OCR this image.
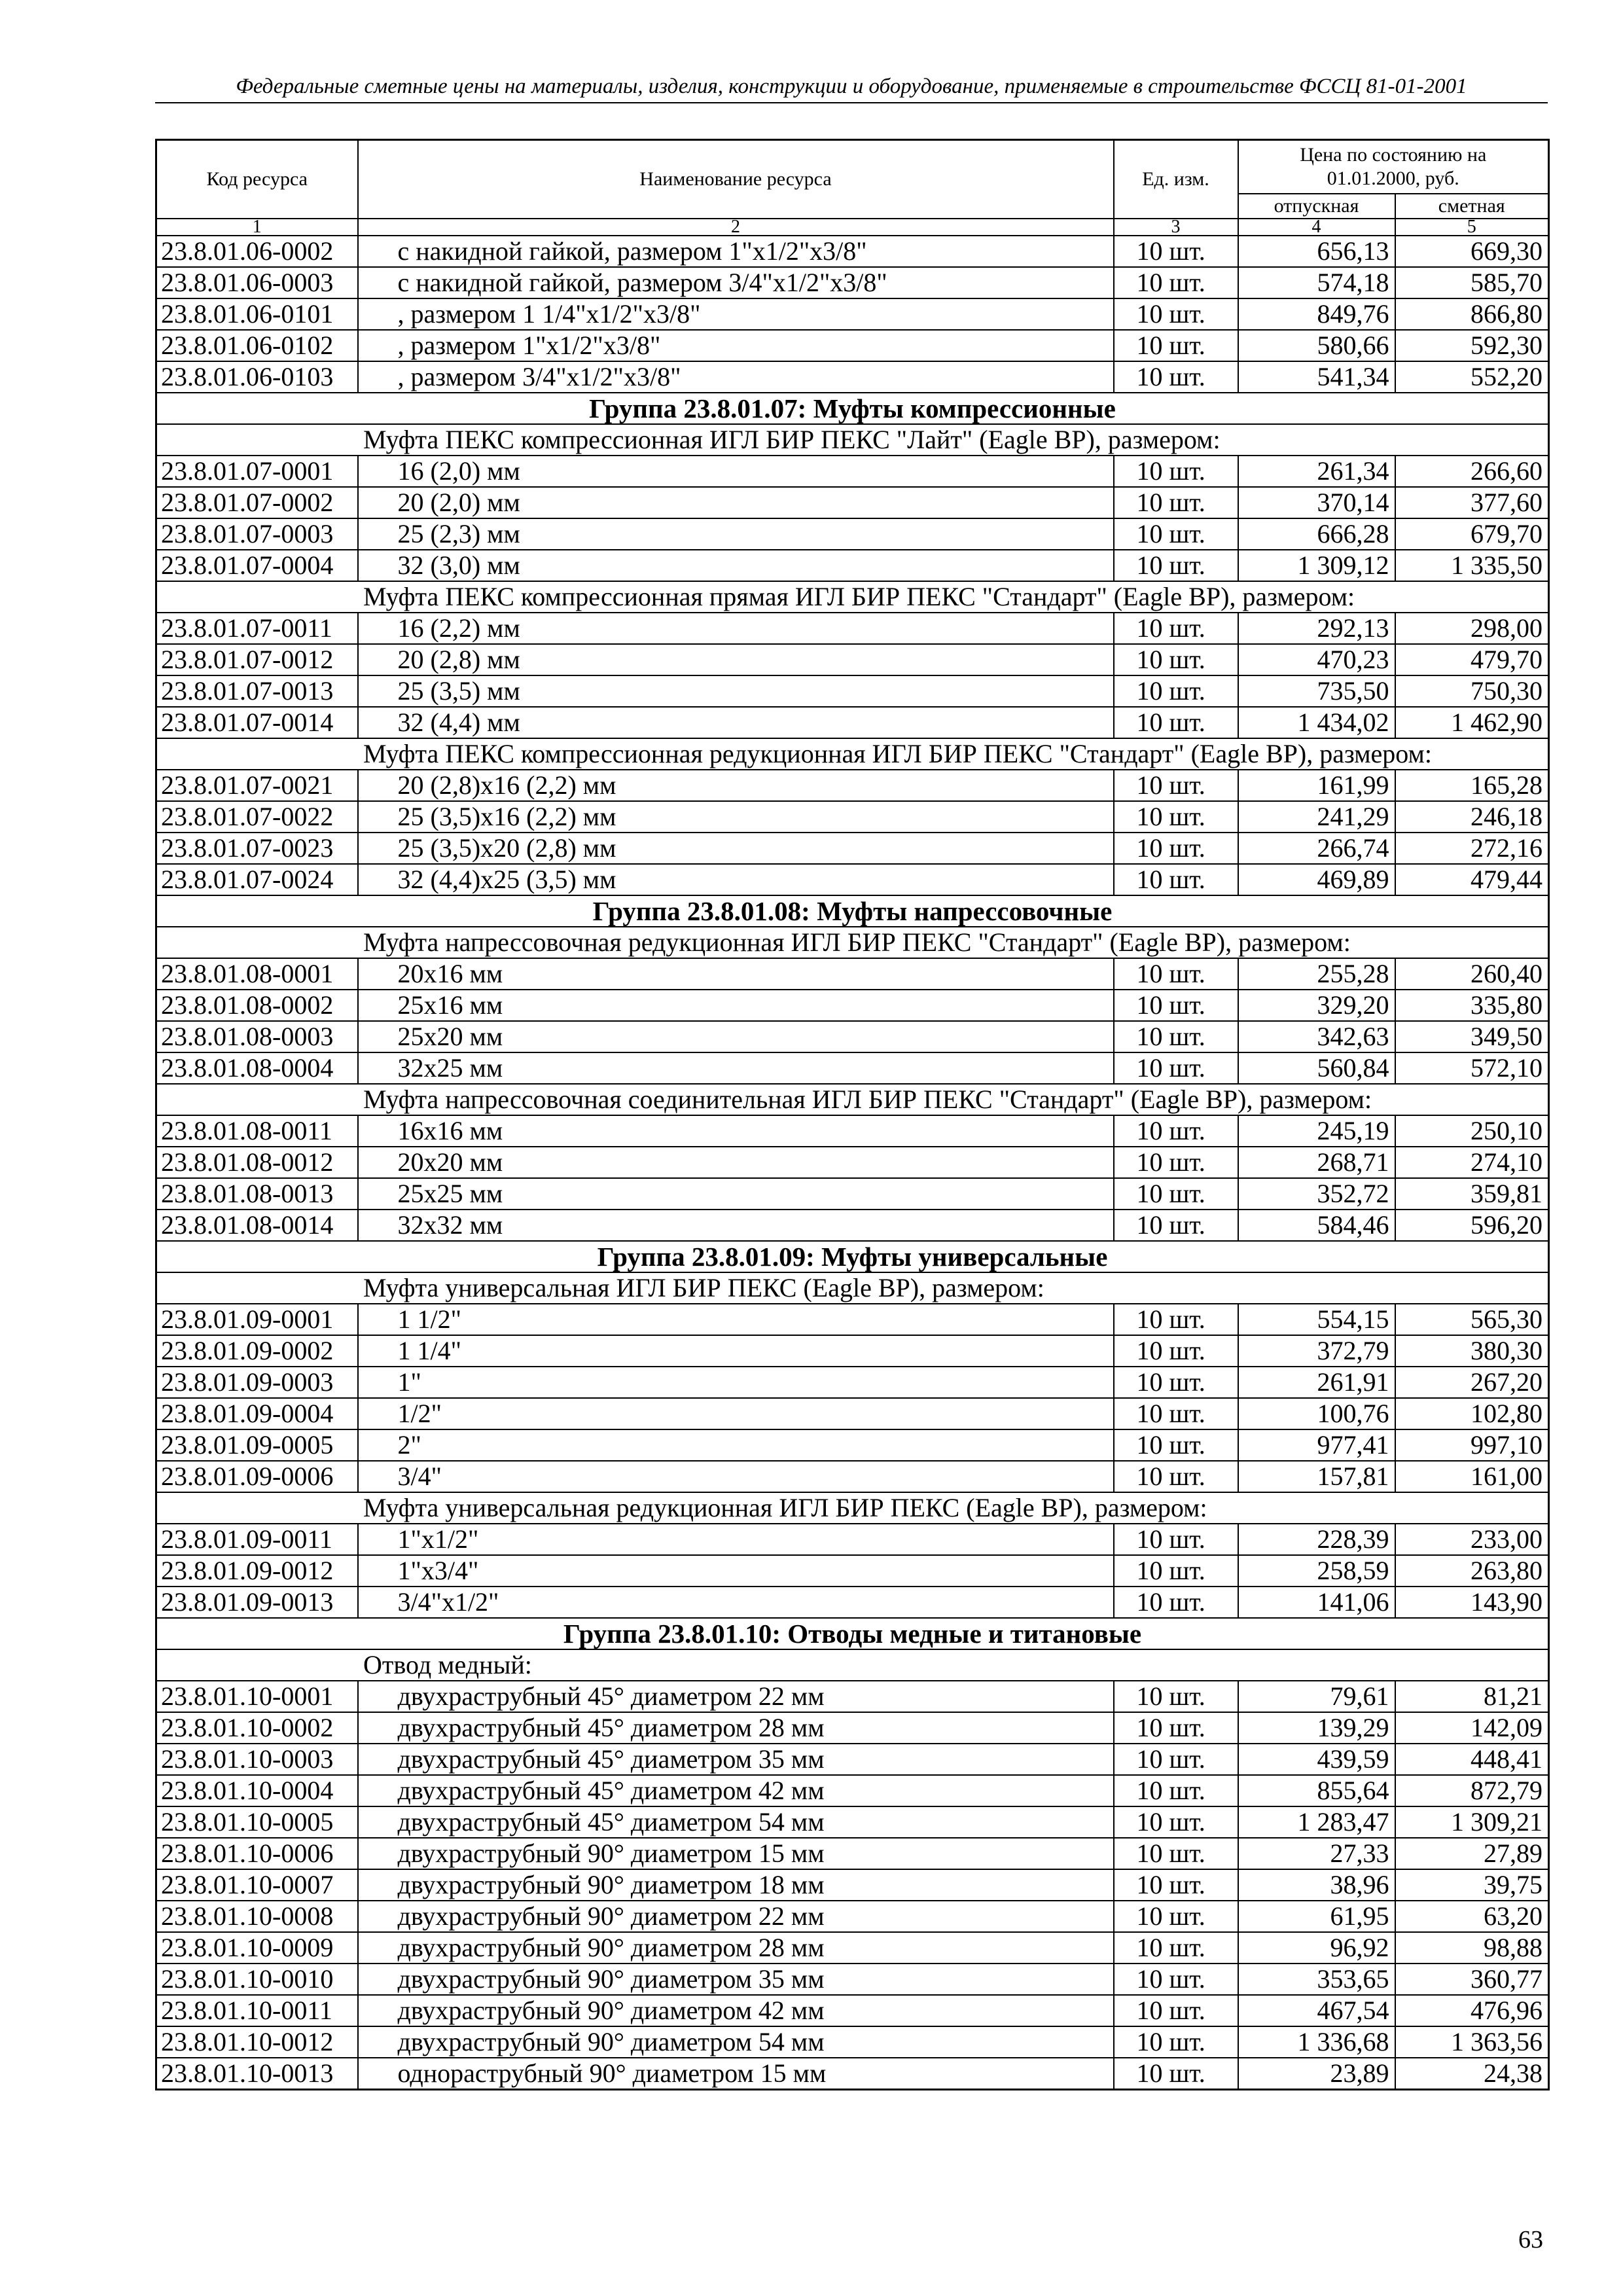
Федеральные сметные цены на материалы, изделия, конструкции и оборудование, применяемые в строительстве ФССЦ 81-01-2001
Код ресурса	Наименование ресурса	Ед. изм.	Цена по состоянию на 01.01.2000, руб.	
			отпускная	сметная
1	2	3	4	5
23.8.01.06-0002	с накидной гайкой, размером 1"x1/2"x3/8"	10 шт.	656,13	669,30
23.8.01.06-0003	с накидной гайкой, размером 3/4"x1/2"x3/8"	10 шт.	574,18	585,70
23.8.01.06-0101	, размером 1 1/4"x1/2"x3/8"	10 шт.	849,76	866,80
23.8.01.06-0102	, размером 1"x1/2"x3/8"	10 шт.	580,66	592,30
23.8.01.06-0103	, размером 3/4"x1/2"x3/8"	10 шт.	541,34	552,20
Группа 23.8.01.07: Муфты компрессионные				
Муфта ПЕКС компрессионная ИГЛ БИР ПЕКС "Лайт" (Eagle BP), размером:				
23.8.01.07-0001	16 (2,0) мм	10 шт.	261,34	266,60
23.8.01.07-0002	20 (2,0) мм	10 шт.	370,14	377,60
23.8.01.07-0003	25 (2,3) мм	10 шт.	666,28	679,70
23.8.01.07-0004	32 (3,0) мм	10 шт.	1 309,12	1 335,50
Муфта ПЕКС компрессионная прямая ИГЛ БИР ПЕКС "Стандарт" (Eagle BP), размером:				
23.8.01.07-0011	16 (2,2) мм	10 шт.	292,13	298,00
23.8.01.07-0012	20 (2,8) мм	10 шт.	470,23	479,70
23.8.01.07-0013	25 (3,5) мм	10 шт.	735,50	750,30
23.8.01.07-0014	32 (4,4) мм	10 шт.	1 434,02	1 462,90
Муфта ПЕКС компрессионная редукционная ИГЛ БИР ПЕКС "Стандарт" (Eagle BP), размером:				
23.8.01.07-0021	20 (2,8)x16 (2,2) мм	10 шт.	161,99	165,28
23.8.01.07-0022	25 (3,5)x16 (2,2) мм	10 шт.	241,29	246,18
23.8.01.07-0023	25 (3,5)x20 (2,8) мм	10 шт.	266,74	272,16
23.8.01.07-0024	32 (4,4)x25 (3,5) мм	10 шт.	469,89	479,44
Группа 23.8.01.08: Муфты напрессовочные				
Муфта напрессовочная редукционная ИГЛ БИР ПЕКС "Стандарт" (Eagle BP), размером:				
23.8.01.08-0001	20x16 мм	10 шт.	255,28	260,40
23.8.01.08-0002	25x16 мм	10 шт.	329,20	335,80
23.8.01.08-0003	25x20 мм	10 шт.	342,63	349,50
23.8.01.08-0004	32x25 мм	10 шт.	560,84	572,10
Муфта напрессовочная соединительная ИГЛ БИР ПЕКС "Стандарт" (Eagle BP), размером:				
23.8.01.08-0011	16x16 мм	10 шт.	245,19	250,10
23.8.01.08-0012	20x20 мм	10 шт.	268,71	274,10
23.8.01.08-0013	25x25 мм	10 шт.	352,72	359,81
23.8.01.08-0014	32x32 мм	10 шт.	584,46	596,20
Группа 23.8.01.09: Муфты универсальные				
Муфта универсальная ИГЛ БИР ПЕКС (Eagle BP), размером:				
23.8.01.09-0001	1 1/2"	10 шт.	554,15	565,30
23.8.01.09-0002	1 1/4"	10 шт.	372,79	380,30
23.8.01.09-0003	1"	10 шт.	261,91	267,20
23.8.01.09-0004	1/2"	10 шт.	100,76	102,80
23.8.01.09-0005	2"	10 шт.	977,41	997,10
23.8.01.09-0006	3/4"	10 шт.	157,81	161,00
Муфта универсальная редукционная ИГЛ БИР ПЕКС (Eagle BP), размером:				
23.8.01.09-0011	1"x1/2"	10 шт.	228,39	233,00
23.8.01.09-0012	1"x3/4"	10 шт.	258,59	263,80
23.8.01.09-0013	3/4"x1/2"	10 шт.	141,06	143,90
Группа 23.8.01.10: Отводы медные и титановые				
Отвод медный:				
23.8.01.10-0001	двухраструбный 45° диаметром 22 мм	10 шт.	79,61	81,21
23.8.01.10-0002	двухраструбный 45° диаметром 28 мм	10 шт.	139,29	142,09
23.8.01.10-0003	двухраструбный 45° диаметром 35 мм	10 шт.	439,59	448,41
23.8.01.10-0004	двухраструбный 45° диаметром 42 мм	10 шт.	855,64	872,79
23.8.01.10-0005	двухраструбный 45° диаметром 54 мм	10 шт.	1 283,47	1 309,21
23.8.01.10-0006	двухраструбный 90° диаметром 15 мм	10 шт.	27,33	27,89
23.8.01.10-0007	двухраструбный 90° диаметром 18 мм	10 шт.	38,96	39,75
23.8.01.10-0008	двухраструбный 90° диаметром 22 мм	10 шт.	61,95	63,20
23.8.01.10-0009	двухраструбный 90° диаметром 28 мм	10 шт.	96,92	98,88
23.8.01.10-0010	двухраструбный 90° диаметром 35 мм	10 шт.	353,65	360,77
23.8.01.10-0011	двухраструбный 90° диаметром 42 мм	10 шт.	467,54	476,96
23.8.01.10-0012	двухраструбный 90° диаметром 54 мм	10 шт.	1 336,68	1 363,56
23.8.01.10-0013	однораструбный 90° диаметром 15 мм	10 шт.	23,89	24,38
63
